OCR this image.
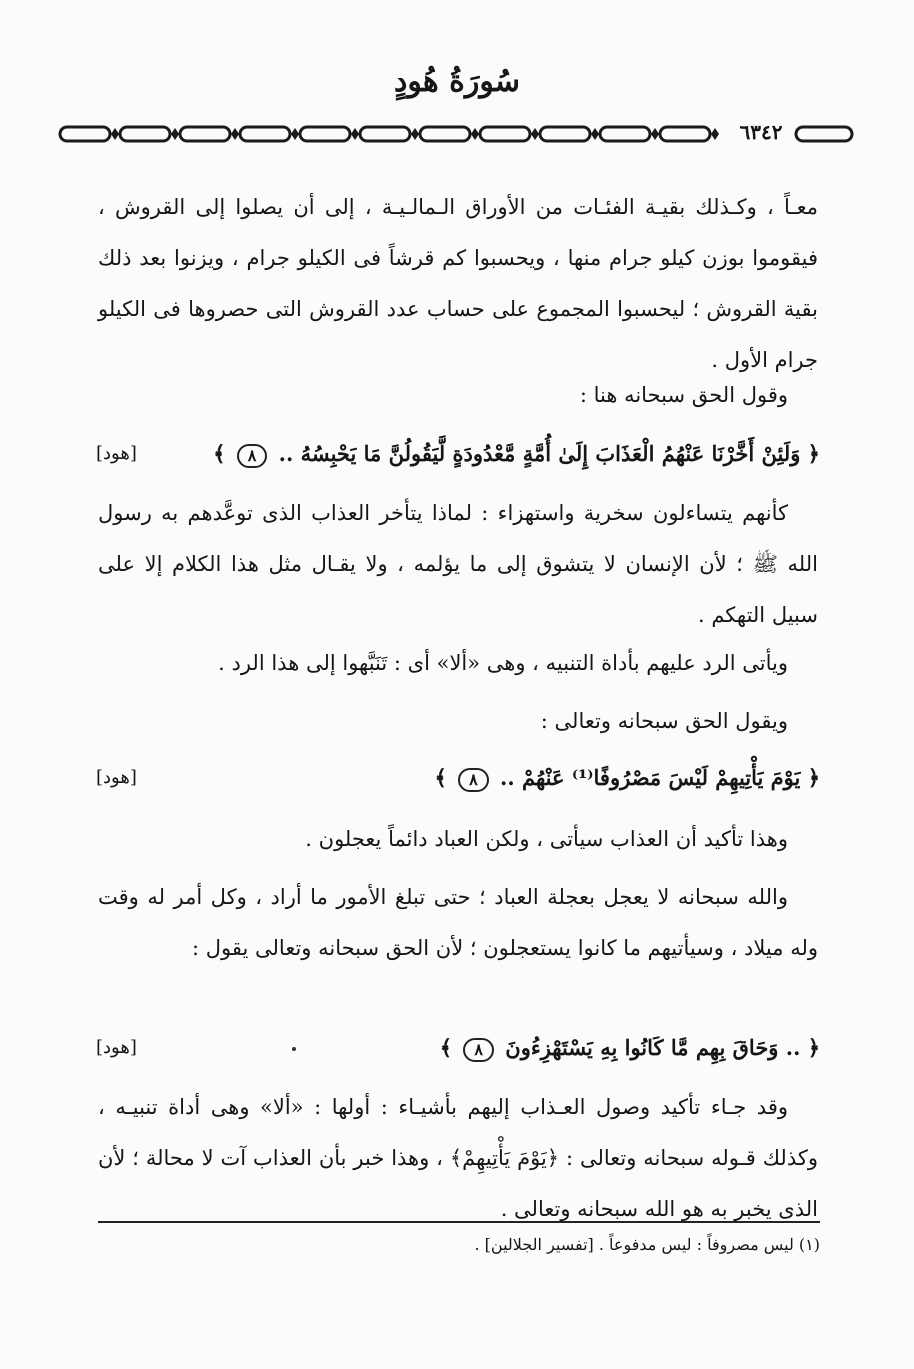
سُورَةُ هُودٍ
٦٣٤٢

معـاً ، وكـذلك بقيـة الفئـات من الأوراق الـمالـيـة ، إلى أن يصلوا إلى القروش ، فيقوموا بوزن كيلو جرام منها ، ويحسبوا كم قرشاً فى الكيلو جرام ، ويزنوا بعد ذلك بقية القروش ؛ ليحسبوا المجموع على حساب عدد القروش التى حصروها فى الكيلو جرام الأول .

وقول الحق سبحانه هنا :

﴿ وَلَئِنْ أَخَّرْنَا عَنْهُمُ الْعَذَابَ إِلَىٰ أُمَّةٍ مَّعْدُودَةٍ لَّيَقُولُنَّ مَا يَحْبِسُهُ .. ٨ ﴾
[هود]

كأنهم يتساءلون سخرية واستهزاء : لماذا يتأخر العذاب الذى توعَّدهم به رسول الله ﷺ ؛ لأن الإنسان لا يتشوق إلى ما يؤلمه ، ولا يقـال مثل هذا الكلام إلا على سبيل التهكم .

ويأتى الرد عليهم بأداة التنبيه ، وهى «ألا» أى : تَنَبَّهوا إلى هذا الرد .

ويقول الحق سبحانه وتعالى :

﴿ يَوْمَ يَأْتِيهِمْ لَيْسَ مَصْرُوفًا⁽¹⁾ عَنْهُمْ .. ٨ ﴾
[هود]

وهذا تأكيد أن العذاب سيأتى ، ولكن العباد دائماً يعجلون .

والله سبحانه لا يعجل بعجلة العباد ؛ حتى تبلغ الأمور ما أراد ، وكل أمر له وقت وله ميلاد ، وسيأتيهم ما كانوا يستعجلون ؛ لأن الحق سبحانه وتعالى يقول :

﴿ .. وَحَاقَ بِهِم مَّا كَانُوا بِهِ يَسْتَهْزِءُونَ ٨ ﴾
[هود]

وقد جـاء تأكيد وصول العـذاب إليهم بأشيـاء : أولها : «ألا» وهى أداة تنبيـه ، وكذلك قـوله سبحانه وتعالى : ﴿يَوْمَ يَأْتِيهِمْ﴾ ، وهذا خبر بأن العذاب آت لا محالة ؛ لأن الذى يخبر به هو الله سبحانه وتعالى .

(١) ليس مصروفاً : ليس مدفوعاً . [تفسير الجلالين] .
